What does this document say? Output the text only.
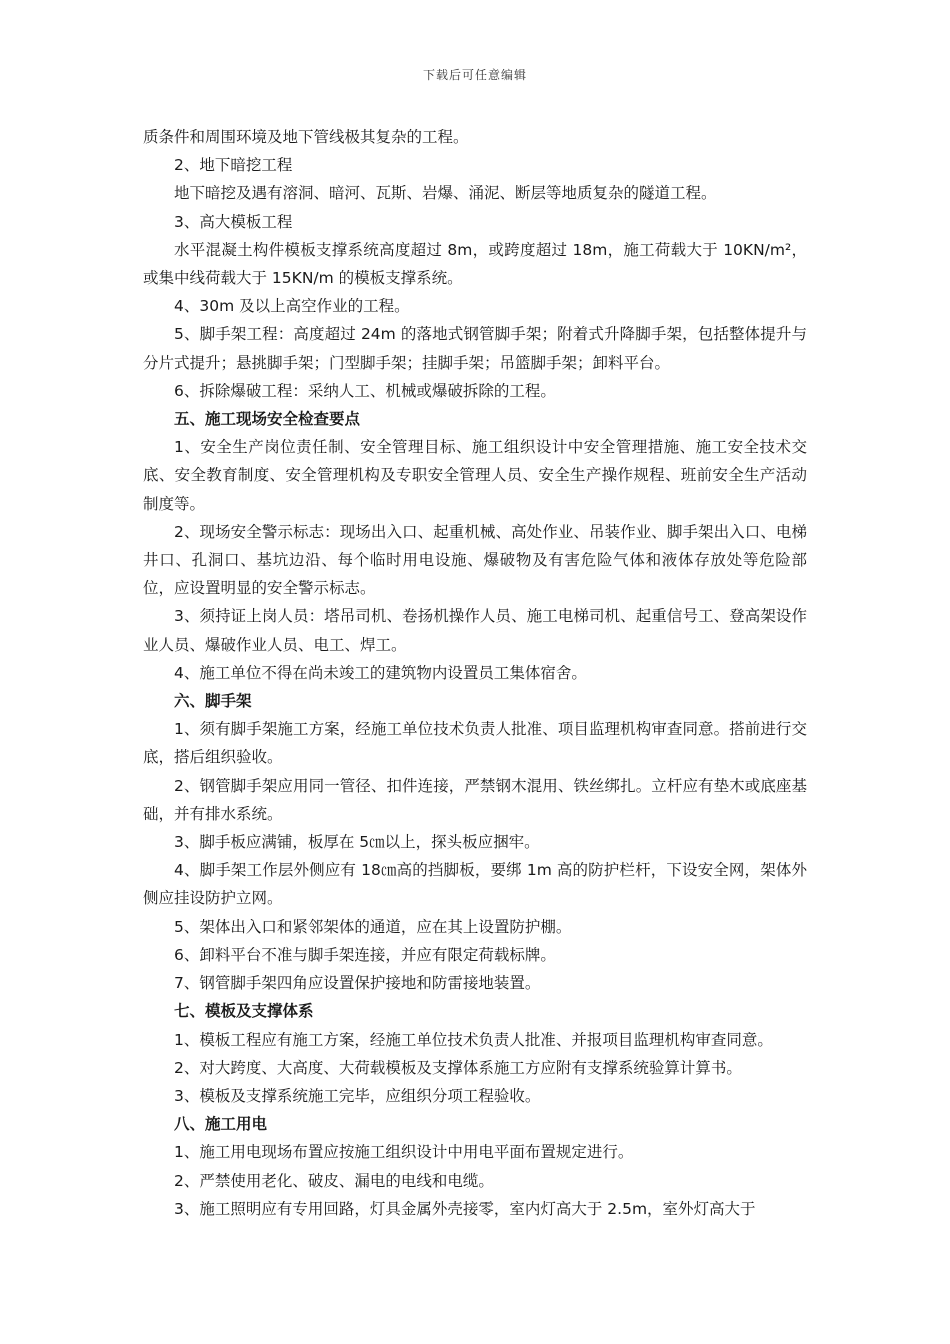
下载后可任意编辑

质条件和周围环境及地下管线极其复杂的工程。

2、地下暗挖工程

地下暗挖及遇有溶洞、暗河、瓦斯、岩爆、涌泥、断层等地质复杂的隧道工程。

3、高大模板工程

水平混凝土构件模板支撑系统高度超过 8m，或跨度超过 18m，施工荷载大于 10KN/m²，或集中线荷载大于 15KN/m 的模板支撑系统。

4、30m 及以上高空作业的工程。

5、脚手架工程：高度超过 24m 的落地式钢管脚手架；附着式升降脚手架，包括整体提升与分片式提升；悬挑脚手架；门型脚手架；挂脚手架；吊篮脚手架；卸料平台。

6、拆除爆破工程：采纳人工、机械或爆破拆除的工程。

五、施工现场安全检查要点

1、安全生产岗位责任制、安全管理目标、施工组织设计中安全管理措施、施工安全技术交底、安全教育制度、安全管理机构及专职安全管理人员、安全生产操作规程、班前安全生产活动制度等。

2、现场安全警示标志：现场出入口、起重机械、高处作业、吊装作业、脚手架出入口、电梯井口、孔洞口、基坑边沿、每个临时用电设施、爆破物及有害危险气体和液体存放处等危险部位，应设置明显的安全警示标志。

3、须持证上岗人员：塔吊司机、卷扬机操作人员、施工电梯司机、起重信号工、登高架设作业人员、爆破作业人员、电工、焊工。

4、施工单位不得在尚未竣工的建筑物内设置员工集体宿舍。

六、脚手架

1、须有脚手架施工方案，经施工单位技术负责人批准、项目监理机构审查同意。搭前进行交底，搭后组织验收。

2、钢管脚手架应用同一管径、扣件连接，严禁钢木混用、铁丝绑扎。立杆应有垫木或底座基础，并有排水系统。

3、脚手板应满铺，板厚在 5㎝以上，探头板应捆牢。

4、脚手架工作层外侧应有 18㎝高的挡脚板，要绑 1m 高的防护栏杆，下设安全网，架体外侧应挂设防护立网。

5、架体出入口和紧邻架体的通道，应在其上设置防护棚。

6、卸料平台不准与脚手架连接，并应有限定荷载标牌。

7、钢管脚手架四角应设置保护接地和防雷接地装置。

七、模板及支撑体系

1、模板工程应有施工方案，经施工单位技术负责人批准、并报项目监理机构审查同意。

2、对大跨度、大高度、大荷载模板及支撑体系施工方应附有支撑系统验算计算书。

3、模板及支撑系统施工完毕，应组织分项工程验收。

八、施工用电

1、施工用电现场布置应按施工组织设计中用电平面布置规定进行。

2、严禁使用老化、破皮、漏电的电线和电缆。

3、施工照明应有专用回路，灯具金属外壳接零，室内灯高大于 2.5m，室外灯高大于
